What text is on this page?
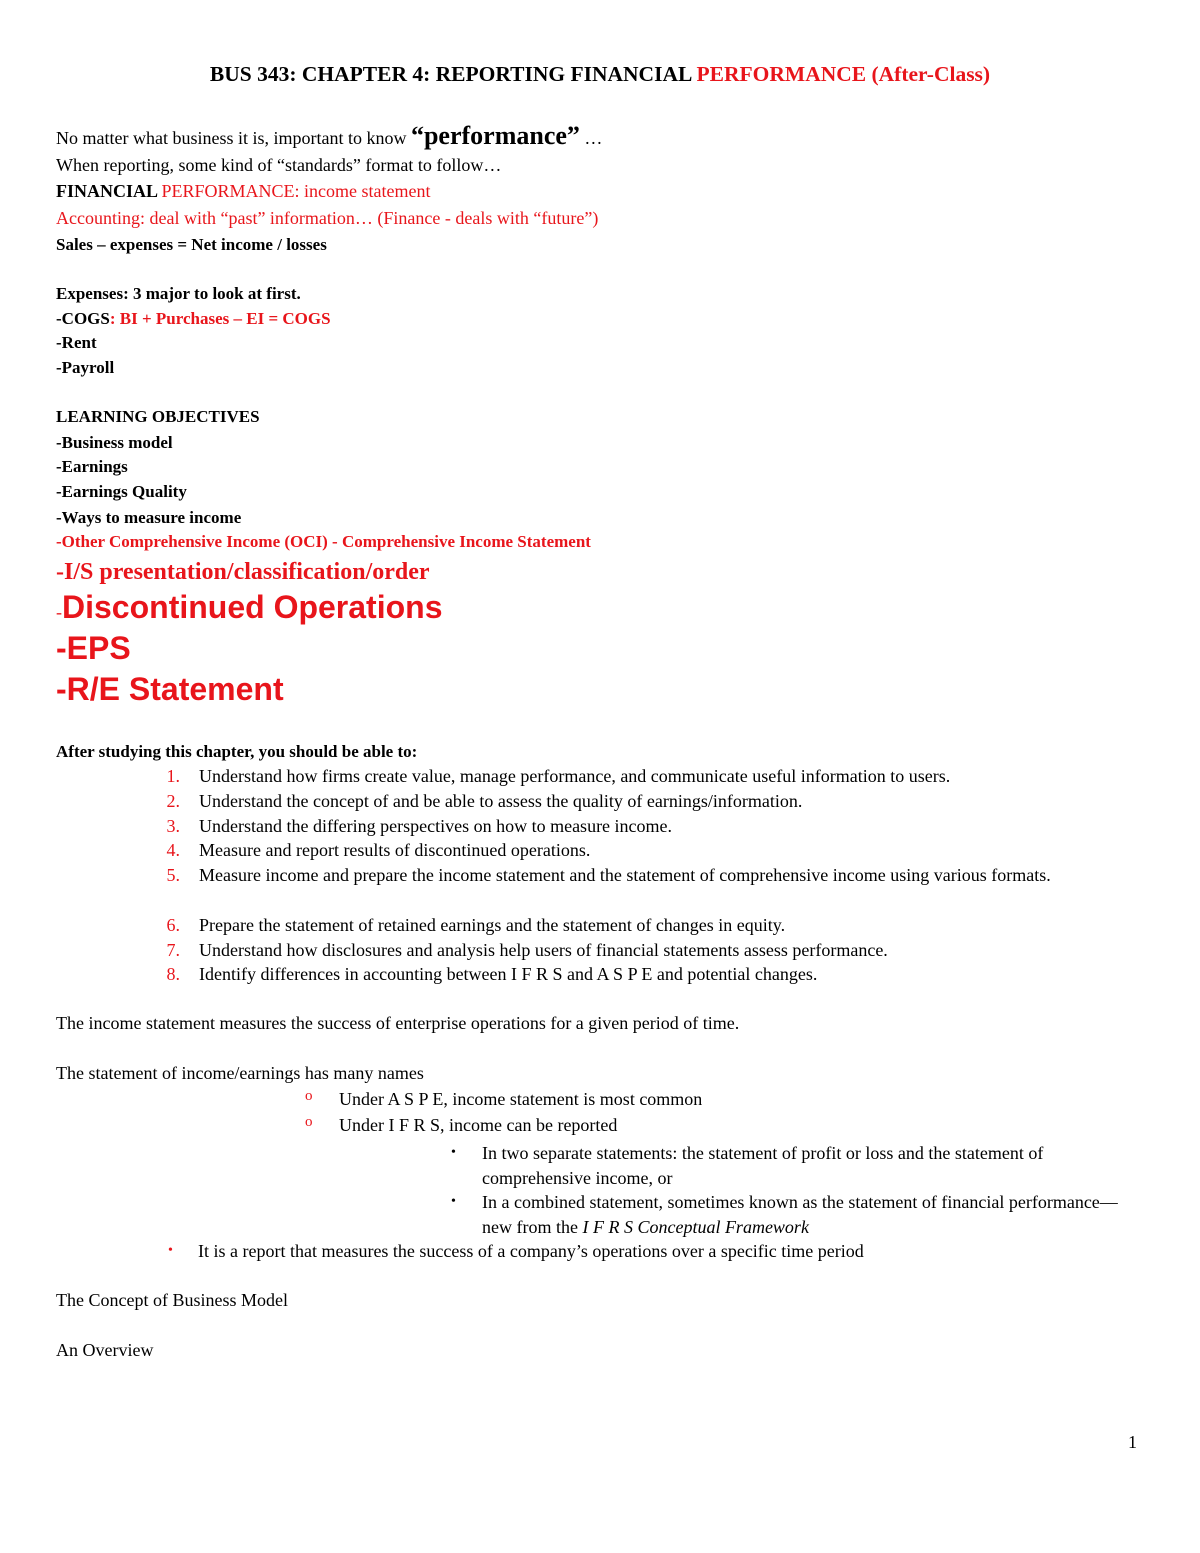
BUS 343: CHAPTER 4: REPORTING FINANCIAL PERFORMANCE (After-Class)
No matter what business it is, important to know “performance” …
When reporting, some kind of “standards” format to follow…
FINANCIAL PERFORMANCE: income statement
Accounting: deal with “past” information… (Finance - deals with “future”)
Sales – expenses = Net income / losses
Expenses: 3 major to look at first.
-COGS: BI + Purchases – EI = COGS
-Rent
-Payroll
LEARNING OBJECTIVES
-Business model
-Earnings
-Earnings Quality
-Ways to measure income
-Other Comprehensive Income (OCI) - Comprehensive Income Statement
-I/S presentation/classification/order
-Discontinued Operations
-EPS
-R/E Statement
After studying this chapter, you should be able to:
1. Understand how firms create value, manage performance, and communicate useful information to users.
2. Understand the concept of and be able to assess the quality of earnings/information.
3. Understand the differing perspectives on how to measure income.
4. Measure and report results of discontinued operations.
5. Measure income and prepare the income statement and the statement of comprehensive income using various formats.
6. Prepare the statement of retained earnings and the statement of changes in equity.
7. Understand how disclosures and analysis help users of financial statements assess performance.
8. Identify differences in accounting between I F R S and A S P E and potential changes.
The income statement measures the success of enterprise operations for a given period of time.
The statement of income/earnings has many names
o Under A S P E, income statement is most common
o Under I F R S, income can be reported
• In two separate statements: the statement of profit or loss and the statement of comprehensive income, or
• In a combined statement, sometimes known as the statement of financial performance—new from the I F R S Conceptual Framework
• It is a report that measures the success of a company’s operations over a specific time period
The Concept of Business Model
An Overview
1
